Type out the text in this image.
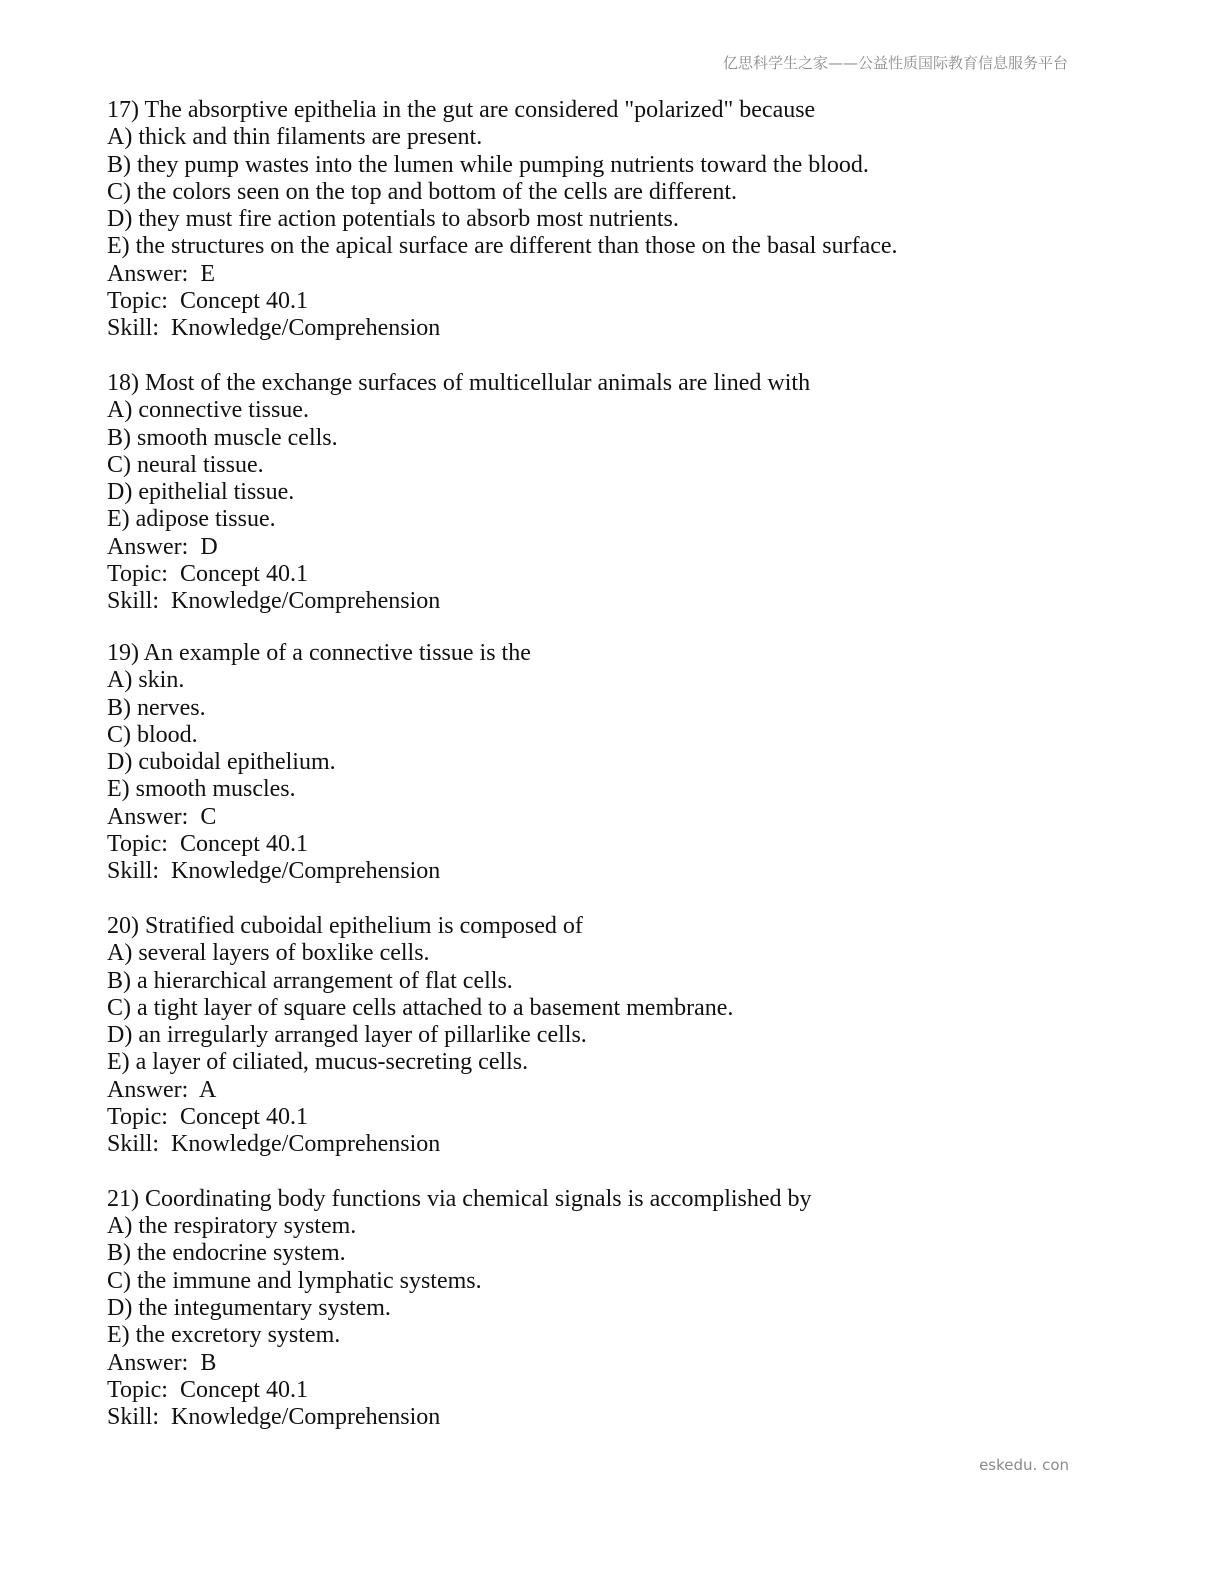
亿思科学生之家——公益性质国际教育信息服务平台
17) The absorptive epithelia in the gut are considered "polarized" because
A) thick and thin filaments are present.
B) they pump wastes into the lumen while pumping nutrients toward the blood.
C) the colors seen on the top and bottom of the cells are different.
D) they must fire action potentials to absorb most nutrients.
E) the structures on the apical surface are different than those on the basal surface.
Answer:  E
Topic:  Concept 40.1
Skill:  Knowledge/Comprehension
18) Most of the exchange surfaces of multicellular animals are lined with
A) connective tissue.
B) smooth muscle cells.
C) neural tissue.
D) epithelial tissue.
E) adipose tissue.
Answer:  D
Topic:  Concept 40.1
Skill:  Knowledge/Comprehension
19) An example of a connective tissue is the
A) skin.
B) nerves.
C) blood.
D) cuboidal epithelium.
E) smooth muscles.
Answer:  C
Topic:  Concept 40.1
Skill:  Knowledge/Comprehension
20) Stratified cuboidal epithelium is composed of
A) several layers of boxlike cells.
B) a hierarchical arrangement of flat cells.
C) a tight layer of square cells attached to a basement membrane.
D) an irregularly arranged layer of pillarlike cells.
E) a layer of ciliated, mucus-secreting cells.
Answer:  A
Topic:  Concept 40.1
Skill:  Knowledge/Comprehension
21) Coordinating body functions via chemical signals is accomplished by
A) the respiratory system.
B) the endocrine system.
C) the immune and lymphatic systems.
D) the integumentary system.
E) the excretory system.
Answer:  B
Topic:  Concept 40.1
Skill:  Knowledge/Comprehension
eskedu. con
